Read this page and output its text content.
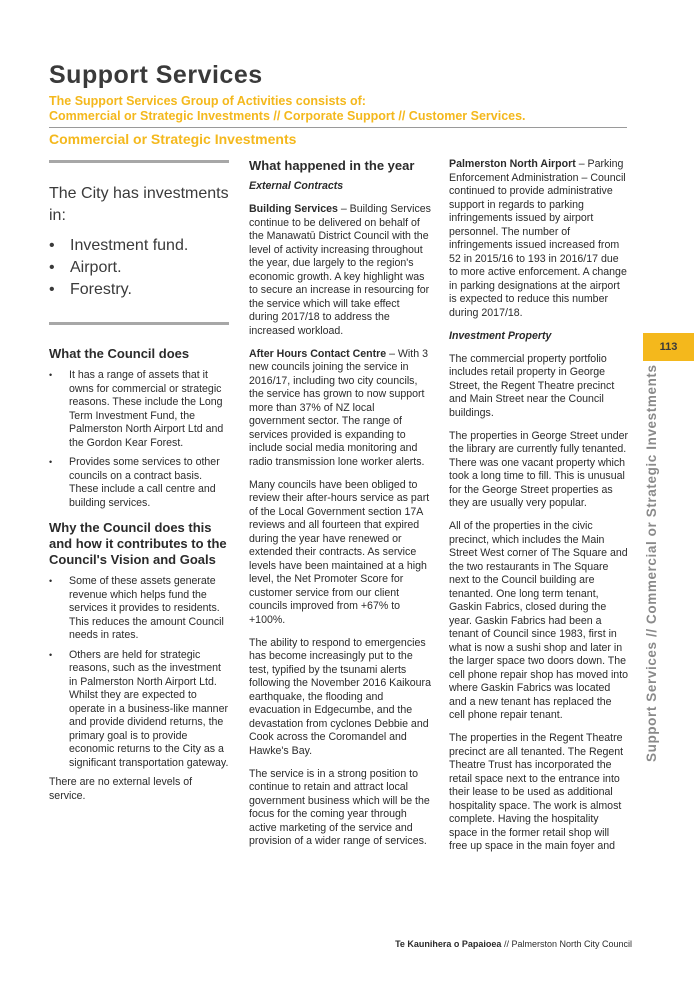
Support Services
The Support Services Group of Activities consists of:
Commercial or Strategic Investments // Corporate Support // Customer Services.
Commercial or Strategic Investments

The City has investments in:

• Investment fund.
• Airport.
• Forestry.
What the Council does
• It has a range of assets that it owns for commercial or strategic reasons. These include the Long Term Investment Fund, the Palmerston North Airport Ltd and the Gordon Kear Forest.
• Provides some services to other councils on a contract basis. These include a call centre and building services.
Why the Council does this and how it contributes to the Council's Vision and Goals
• Some of these assets generate revenue which helps fund the services it provides to residents. This reduces the amount Council needs in rates.
• Others are held for strategic reasons, such as the investment in Palmerston North Airport Ltd. Whilst they are expected to operate in a business-like manner and provide dividend returns, the primary goal is to provide economic returns to the City as a significant transportation gateway.

There are no external levels of service.

What happened in the year

External Contracts

Building Services – Building Services continue to be delivered on behalf of the Manawatū District Council with the level of activity increasing throughout the year, due largely to the region's economic growth. A key highlight was to secure an increase in resourcing for the service which will take effect during 2017/18 to address the increased workload.

After Hours Contact Centre – With 3 new councils joining the service in 2016/17, including two city councils, the service has grown to now support more than 37% of NZ local government sector. The range of services provided is expanding to include social media monitoring and radio transmission lone worker alerts.

Many councils have been obliged to review their after-hours service as part of the Local Government section 17A reviews and all fourteen that expired during the year have renewed or extended their contracts. As service levels have been maintained at a high level, the Net Promoter Score for customer service from our client councils improved from +67% to +100%.

The ability to respond to emergencies has become increasingly put to the test, typified by the tsunami alerts following the November 2016 Kaikoura earthquake, the flooding and evacuation in Edgecumbe, and the devastation from cyclones Debbie and Cook across the Coromandel and Hawke's Bay.

The service is in a strong position to continue to retain and attract local government business which will be the focus for the coming year through active marketing of the service and provision of a wider range of services.

Palmerston North Airport – Parking Enforcement Administration – Council continued to provide administrative support in regards to parking infringements issued by airport personnel. The number of infringements issued increased from 52 in 2015/16 to 193 in 2016/17 due to more active enforcement. A change in parking designations at the airport is expected to reduce this number during 2017/18.

Investment Property

The commercial property portfolio includes retail property in George Street, the Regent Theatre precinct and Main Street near the Council buildings.

The properties in George Street under the library are currently fully tenanted. There was one vacant property which took a long time to fill. This is unusual for the George Street properties as they are usually very popular.

All of the properties in the civic precinct, which includes the Main Street West corner of The Square and the two restaurants in The Square next to the Council building are tenanted. One long term tenant, Gaskin Fabrics, closed during the year. Gaskin Fabrics had been a tenant of Council since 1983, first in what is now a sushi shop and later in the larger space two doors down. The cell phone repair shop has moved into where Gaskin Fabrics was located and a new tenant has replaced the cell phone repair tenant.

The properties in the Regent Theatre precinct are all tenanted. The Regent Theatre Trust has incorporated the retail space next to the entrance into their lease to be used as additional hospitality space. The work is almost complete. Having the hospitality space in the former retail shop will free up space in the main foyer and

113
Support Services // Commercial or Strategic Investments
Te Kaunihera o Papaioea // Palmerston North City Council
